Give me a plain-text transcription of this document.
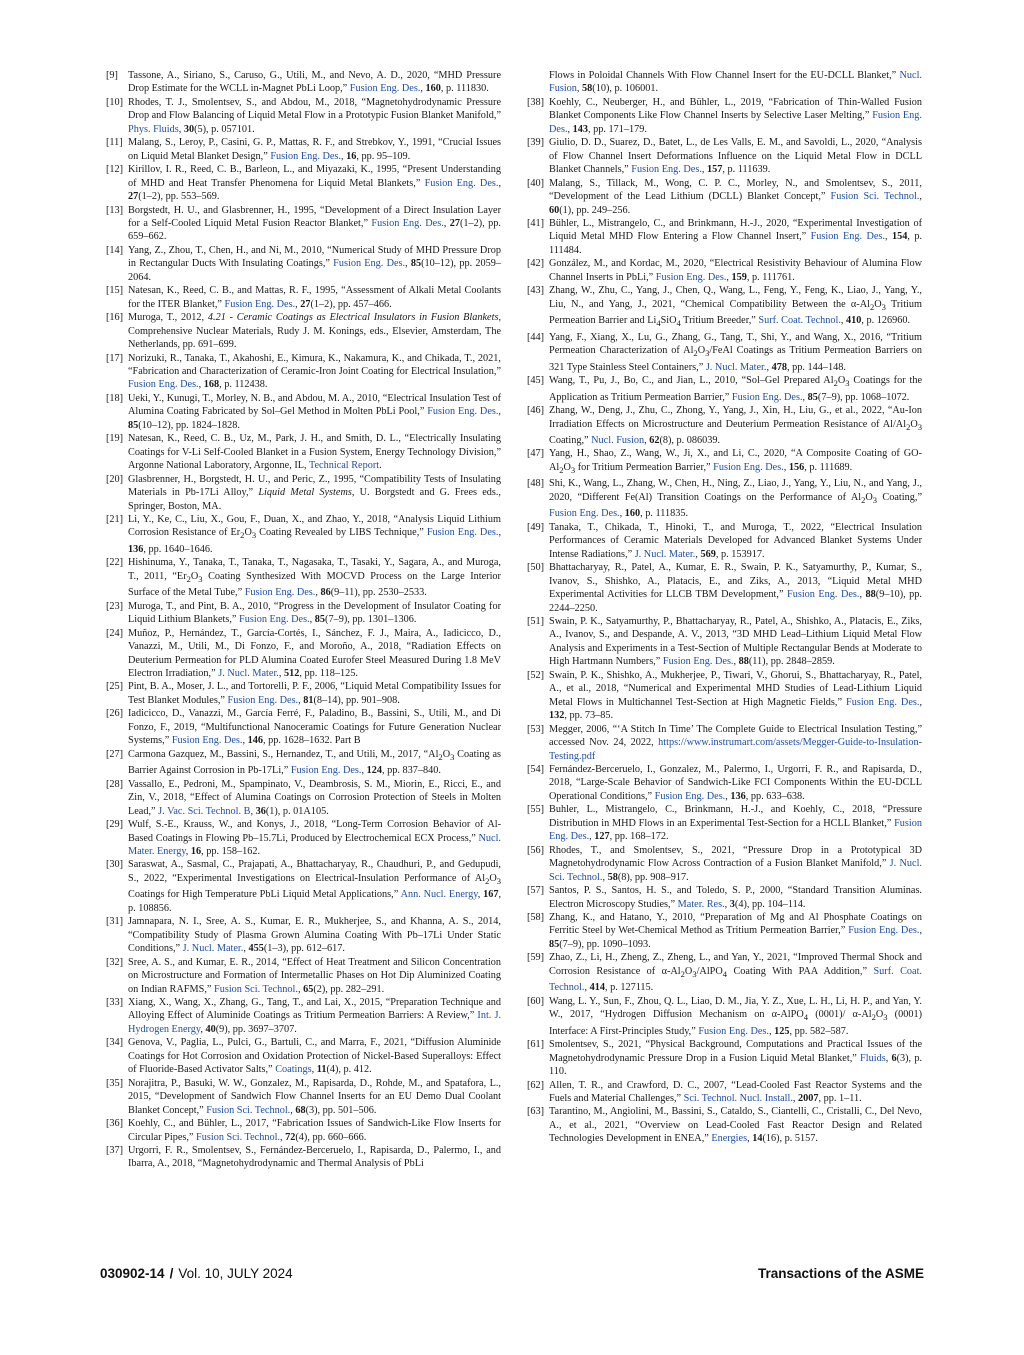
[9] Tassone, A., Siriano, S., Caruso, G., Utili, M., and Nevo, A. D., 2020, “MHD Pressure Drop Estimate for the WCLL in-Magnet PbLi Loop,” Fusion Eng. Des., 160, p. 111830.

[10] Rhodes, T. J., Smolentsev, S., and Abdou, M., 2018, “Magnetohydrodynamic Pressure Drop and Flow Balancing of Liquid Metal Flow in a Prototypic Fusion Blanket Manifold,” Phys. Fluids, 30(5), p. 057101.

[11] Malang, S., Leroy, P., Casini, G. P., Mattas, R. F., and Strebkov, Y., 1991, “Crucial Issues on Liquid Metal Blanket Design,” Fusion Eng. Des., 16, pp. 95–109.

[12] Kirillov, I. R., Reed, C. B., Barleon, L., and Miyazaki, K., 1995, “Present Understanding of MHD and Heat Transfer Phenomena for Liquid Metal Blankets,” Fusion Eng. Des., 27(1–2), pp. 553–569.

[13] Borgstedt, H. U., and Glasbrenner, H., 1995, “Development of a Direct Insulation Layer for a Self-Cooled Liquid Metal Fusion Reactor Blanket,” Fusion Eng. Des., 27(1–2), pp. 659–662.

[14] Yang, Z., Zhou, T., Chen, H., and Ni, M., 2010, “Numerical Study of MHD Pressure Drop in Rectangular Ducts With Insulating Coatings,” Fusion Eng. Des., 85(10–12), pp. 2059–2064.

[15] Natesan, K., Reed, C. B., and Mattas, R. F., 1995, “Assessment of Alkali Metal Coolants for the ITER Blanket,” Fusion Eng. Des., 27(1–2), pp. 457–466.

[16] Muroga, T., 2012, 4.21 - Ceramic Coatings as Electrical Insulators in Fusion Blankets, Comprehensive Nuclear Materials, Rudy J. M. Konings, eds., Elsevier, Amsterdam, The Netherlands, pp. 691–699.

[17] Norizuki, R., Tanaka, T., Akahoshi, E., Kimura, K., Nakamura, K., and Chikada, T., 2021, “Fabrication and Characterization of Ceramic-Iron Joint Coating for Electrical Insulation,” Fusion Eng. Des., 168, p. 112438.

[18] Ueki, Y., Kunugi, T., Morley, N. B., and Abdou, M. A., 2010, “Electrical Insulation Test of Alumina Coating Fabricated by Sol–Gel Method in Molten PbLi Pool,” Fusion Eng. Des., 85(10–12), pp. 1824–1828.

[19] Natesan, K., Reed, C. B., Uz, M., Park, J. H., and Smith, D. L., “Electrically Insulating Coatings for V-Li Self-Cooled Blanket in a Fusion System, Energy Technology Division,” Argonne National Laboratory, Argonne, IL, Technical Report.

[20] Glasbrenner, H., Borgstedt, H. U., and Peric, Z., 1995, “Compatibility Tests of Insulating Materials in Pb-17Li Alloy,” Liquid Metal Systems, U. Borgstedt and G. Frees eds., Springer, Boston, MA.

[21] Li, Y., Ke, C., Liu, X., Gou, F., Duan, X., and Zhao, Y., 2018, “Analysis Liquid Lithium Corrosion Resistance of $Er_2O_3$ Coating Revealed by LIBS Technique,” Fusion Eng. Des., 136, pp. 1640–1646.

[22] Hishinuma, Y., Tanaka, T., Tanaka, T., Nagasaka, T., Tasaki, Y., Sagara, A., and Muroga, T., 2011, “$Er_2O_3$ Coating Synthesized With MOCVD Process on the Large Interior Surface of the Metal Tube,” Fusion Eng. Des., 86(9–11), pp. 2530–2533.

[23] Muroga, T., and Pint, B. A., 2010, “Progress in the Development of Insulator Coating for Liquid Lithium Blankets,” Fusion Eng. Des., 85(7–9), pp. 1301–1306.

[24] Muñoz, P., Hernández, T., García-Cortés, I., Sánchez, F. J., Maira, A., Iadicicco, D., Vanazzi, M., Utili, M., Di Fonzo, F., and Moroño, A., 2018, “Radiation Effects on Deuterium Permeation for PLD Alumina Coated Eurofer Steel Measured During 1.8 MeV Electron Irradiation,” J. Nucl. Mater., 512, pp. 118–125.

[25] Pint, B. A., Moser, J. L., and Tortorelli, P. F., 2006, “Liquid Metal Compatibility Issues for Test Blanket Modules,” Fusion Eng. Des., 81(8–14), pp. 901–908.

[26] Iadicicco, D., Vanazzi, M., García Ferré, F., Paladino, B., Bassini, S., Utili, M., and Di Fonzo, F., 2019, “Multifunctional Nanoceramic Coatings for Future Generation Nuclear Systems,” Fusion Eng. Des., 146, pp. 1628–1632. Part B

[27] Carmona Gazquez, M., Bassini, S., Hernandez, T., and Utili, M., 2017, “$Al_2O_3$ Coating as Barrier Against Corrosion in Pb-17Li,” Fusion Eng. Des., 124, pp. 837–840.

[28] Vassallo, E., Pedroni, M., Spampinato, V., Deambrosis, S. M., Miorin, E., Ricci, E., and Zin, V., 2018, “Effect of Alumina Coatings on Corrosion Protection of Steels in Molten Lead,” J. Vac. Sci. Technol. B, 36(1), p. 01A105.

[29] Wulf, S.-E., Krauss, W., and Konys, J., 2018, “Long-Term Corrosion Behavior of Al-Based Coatings in Flowing Pb–15.7Li, Produced by Electrochemical ECX Process,” Nucl. Mater. Energy, 16, pp. 158–162.

[30] Saraswat, A., Sasmal, C., Prajapati, A., Bhattacharyay, R., Chaudhuri, P., and Gedupudi, S., 2022, “Experimental Investigations on Electrical-Insulation Performance of $Al_2O_3$ Coatings for High Temperature PbLi Liquid Metal Applications,” Ann. Nucl. Energy, 167, p. 108856.

[31] Jamnapara, N. I., Sree, A. S., Kumar, E. R., Mukherjee, S., and Khanna, A. S., 2014, “Compatibility Study of Plasma Grown Alumina Coating With Pb–17Li Under Static Conditions,” J. Nucl. Mater., 455(1–3), pp. 612–617.

[32] Sree, A. S., and Kumar, E. R., 2014, “Effect of Heat Treatment and Silicon Concentration on Microstructure and Formation of Intermetallic Phases on Hot Dip Aluminized Coating on Indian RAFMS,” Fusion Sci. Technol., 65(2), pp. 282–291.

[33] Xiang, X., Wang, X., Zhang, G., Tang, T., and Lai, X., 2015, “Preparation Technique and Alloying Effect of Aluminide Coatings as Tritium Permeation Barriers: A Review,” Int. J. Hydrogen Energy, 40(9), pp. 3697–3707.

[34] Genova, V., Paglia, L., Pulci, G., Bartuli, C., and Marra, F., 2021, “Diffusion Aluminide Coatings for Hot Corrosion and Oxidation Protection of Nickel-Based Superalloys: Effect of Fluoride-Based Activator Salts,” Coatings, 11(4), p. 412.

[35] Norajitra, P., Basuki, W. W., Gonzalez, M., Rapisarda, D., Rohde, M., and Spatafora, L., 2015, “Development of Sandwich Flow Channel Inserts for an EU Demo Dual Coolant Blanket Concept,” Fusion Sci. Technol., 68(3), pp. 501–506.

[36] Koehly, C., and Bühler, L., 2017, “Fabrication Issues of Sandwich-Like Flow Inserts for Circular Pipes,” Fusion Sci. Technol., 72(4), pp. 660–666.

[37] Urgorri, F. R., Smolentsev, S., Fernández-Berceruelo, I., Rapisarda, D., Palermo, I., and Ibarra, A., 2018, “Magnetohydrodynamic and Thermal Analysis of PbLi

Flows in Poloidal Channels With Flow Channel Insert for the EU-DCLL Blanket,” Nucl. Fusion, 58(10), p. 106001.

[38] Koehly, C., Neuberger, H., and Bühler, L., 2019, “Fabrication of Thin-Walled Fusion Blanket Components Like Flow Channel Inserts by Selective Laser Melting,” Fusion Eng. Des., 143, pp. 171–179.

[39] Giulio, D. D., Suarez, D., Batet, L., de Les Valls, E. M., and Savoldi, L., 2020, “Analysis of Flow Channel Insert Deformations Influence on the Liquid Metal Flow in DCLL Blanket Channels,” Fusion Eng. Des., 157, p. 111639.

[40] Malang, S., Tillack, M., Wong, C. P. C., Morley, N., and Smolentsev, S., 2011, “Development of the Lead Lithium (DCLL) Blanket Concept,” Fusion Sci. Technol., 60(1), pp. 249–256.

[41] Bühler, L., Mistrangelo, C., and Brinkmann, H.-J., 2020, “Experimental Investigation of Liquid Metal MHD Flow Entering a Flow Channel Insert,” Fusion Eng. Des., 154, p. 111484.

[42] González, M., and Kordac, M., 2020, “Electrical Resistivity Behaviour of Alumina Flow Channel Inserts in PbLi,” Fusion Eng. Des., 159, p. 111761.

[43] Zhang, W., Zhu, C., Yang, J., Chen, Q., Wang, L., Feng, Y., Feng, K., Liao, J., Yang, Y., Liu, N., and Yang, J., 2021, “Chemical Compatibility Between the $\alpha-Al_2O_3$ Tritium Permeation Barrier and $Li_4SiO_4$ Tritium Breeder,” Surf. Coat. Technol., 410, p. 126960.

[44] Yang, F., Xiang, X., Lu, G., Zhang, G., Tang, T., Shi, Y., and Wang, X., 2016, “Tritium Permeation Characterization of $Al_2O_3$/FeAl Coatings as Tritium Permeation Barriers on 321 Type Stainless Steel Containers,” J. Nucl. Mater., 478, pp. 144–148.

[45] Wang, T., Pu, J., Bo, C., and Jian, L., 2010, “Sol–Gel Prepared $Al_2O_3$ Coatings for the Application as Tritium Permeation Barrier,” Fusion Eng. Des., 85(7–9), pp. 1068–1072.

[46] Zhang, W., Deng, J., Zhu, C., Zhong, Y., Yang, J., Xin, H., Liu, G., et al., 2022, “Au-Ion Irradiation Effects on Microstructure and Deuterium Permeation Resistance of $Al/Al_2O_3$ Coating,” Nucl. Fusion, 62(8), p. 086039.

[47] Yang, H., Shao, Z., Wang, W., Ji, X., and Li, C., 2020, “A Composite Coating of $GO-Al_2O_3$ for Tritium Permeation Barrier,” Fusion Eng. Des., 156, p. 111689.

[48] Shi, K., Wang, L., Zhang, W., Chen, H., Ning, Z., Liao, J., Yang, Y., Liu, N., and Yang, J., 2020, “Different Fe(Al) Transition Coatings on the Performance of $Al_2O_3$ Coating,” Fusion Eng. Des., 160, p. 111835.

[49] Tanaka, T., Chikada, T., Hinoki, T., and Muroga, T., 2022, “Electrical Insulation Performances of Ceramic Materials Developed for Advanced Blanket Systems Under Intense Radiations,” J. Nucl. Mater., 569, p. 153917.

[50] Bhattacharyay, R., Patel, A., Kumar, E. R., Swain, P. K., Satyamurthy, P., Kumar, S., Ivanov, S., Shishko, A., Platacis, E., and Ziks, A., 2013, “Liquid Metal MHD Experimental Activities for LLCB TBM Development,” Fusion Eng. Des., 88(9–10), pp. 2244–2250.

[51] Swain, P. K., Satyamurthy, P., Bhattacharyay, R., Patel, A., Shishko, A., Platacis, E., Ziks, A., Ivanov, S., and Despande, A. V., 2013, “3D MHD Lead–Lithium Liquid Metal Flow Analysis and Experiments in a Test-Section of Multiple Rectangular Bends at Moderate to High Hartmann Numbers,” Fusion Eng. Des., 88(11), pp. 2848–2859.

[52] Swain, P. K., Shishko, A., Mukherjee, P., Tiwari, V., Ghorui, S., Bhattacharyay, R., Patel, A., et al., 2018, “Numerical and Experimental MHD Studies of Lead-Lithium Liquid Metal Flows in Multichannel Test-Section at High Magnetic Fields,” Fusion Eng. Des., 132, pp. 73–85.

[53] Megger, 2006, “‘A Stitch In Time’ The Complete Guide to Electrical Insulation Testing,” accessed Nov. 24, 2022, https://www.instrumart.com/assets/Megger-Guide-to-Insulation-Testing.pdf

[54] Fernández-Berceruelo, I., Gonzalez, M., Palermo, I., Urgorri, F. R., and Rapisarda, D., 2018, “Large-Scale Behavior of Sandwich-Like FCI Components Within the EU-DCLL Operational Conditions,” Fusion Eng. Des., 136, pp. 633–638.

[55] Buhler, L., Mistrangelo, C., Brinkmann, H.-J., and Koehly, C., 2018, “Pressure Distribution in MHD Flows in an Experimental Test-Section for a HCLL Blanket,” Fusion Eng. Des., 127, pp. 168–172.

[56] Rhodes, T., and Smolentsev, S., 2021, “Pressure Drop in a Prototypical 3D Magnetohydrodynamic Flow Across Contraction of a Fusion Blanket Manifold,” J. Nucl. Sci. Technol., 58(8), pp. 908–917.

[57] Santos, P. S., Santos, H. S., and Toledo, S. P., 2000, “Standard Transition Aluminas. Electron Microscopy Studies,” Mater. Res., 3(4), pp. 104–114.

[58] Zhang, K., and Hatano, Y., 2010, “Preparation of Mg and Al Phosphate Coatings on Ferritic Steel by Wet-Chemical Method as Tritium Permeation Barrier,” Fusion Eng. Des., 85(7–9), pp. 1090–1093.

[59] Zhao, Z., Li, H., Zheng, Z., Zheng, L., and Yan, Y., 2021, “Improved Thermal Shock and Corrosion Resistance of $\alpha-Al_2O_3/AlPO_4$ Coating With PAA Addition,” Surf. Coat. Technol., 414, p. 127115.

[60] Wang, L. Y., Sun, F., Zhou, Q. L., Liao, D. M., Jia, Y. Z., Xue, L. H., Li, H. P., and Yan, Y. W., 2017, “Hydrogen Diffusion Mechanism on α-AlPO$_4$ (0001)/ $\alpha-Al_2O_3$ (0001) Interface: A First-Principles Study,” Fusion Eng. Des., 125, pp. 582–587.

[61] Smolentsev, S., 2021, “Physical Background, Computations and Practical Issues of the Magnetohydrodynamic Pressure Drop in a Fusion Liquid Metal Blanket,” Fluids, 6(3), p. 110.

[62] Allen, T. R., and Crawford, D. C., 2007, “Lead-Cooled Fast Reactor Systems and the Fuels and Material Challenges,” Sci. Technol. Nucl. Install., 2007, pp. 1–11.

[63] Tarantino, M., Angiolini, M., Bassini, S., Cataldo, S., Ciantelli, C., Cristalli, C., Del Nevo, A., et al., 2021, “Overview on Lead-Cooled Fast Reactor Design and Related Technologies Development in ENEA,” Energies, 14(16), p. 5157.

030902-14 / Vol. 10, JULY 2024	Transactions of the ASME
